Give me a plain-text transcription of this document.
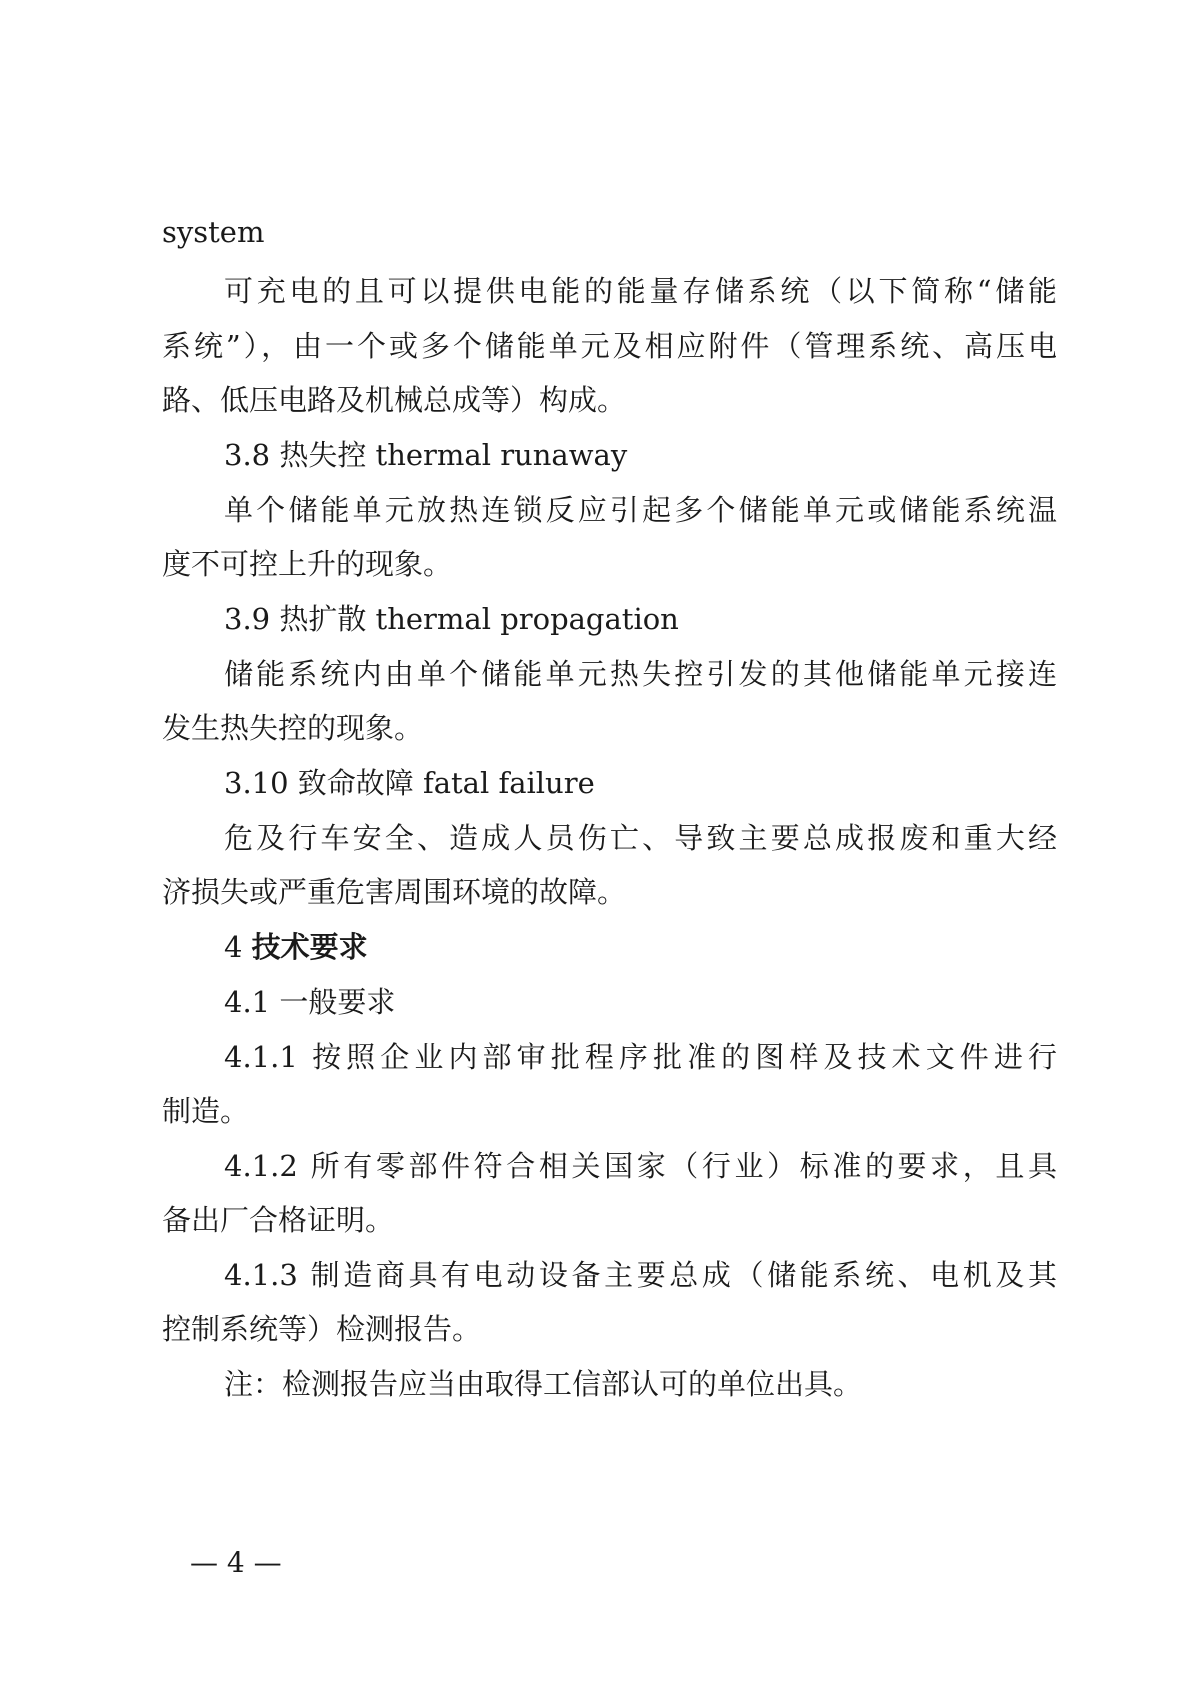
system
可充电的且可以提供电能的能量存储系统（以下简称“储能
系统”），由一个或多个储能单元及相应附件（管理系统、高压电
路、低压电路及机械总成等）构成。
3.8 热失控 thermal runaway
单个储能单元放热连锁反应引起多个储能单元或储能系统温
度不可控上升的现象。
3.9 热扩散 thermal propagation
储能系统内由单个储能单元热失控引发的其他储能单元接连
发生热失控的现象。
3.10 致命故障 fatal failure
危及行车安全、造成人员伤亡、导致主要总成报废和重大经
济损失或严重危害周围环境的故障。
4 技术要求
4.1 一般要求
4.1.1 按照企业内部审批程序批准的图样及技术文件进行
制造。
4.1.2 所有零部件符合相关国家（行业）标准的要求，且具
备出厂合格证明。
4.1.3 制造商具有电动设备主要总成（储能系统、电机及其
控制系统等）检测报告。
注：检测报告应当由取得工信部认可的单位出具。
— 4 —
